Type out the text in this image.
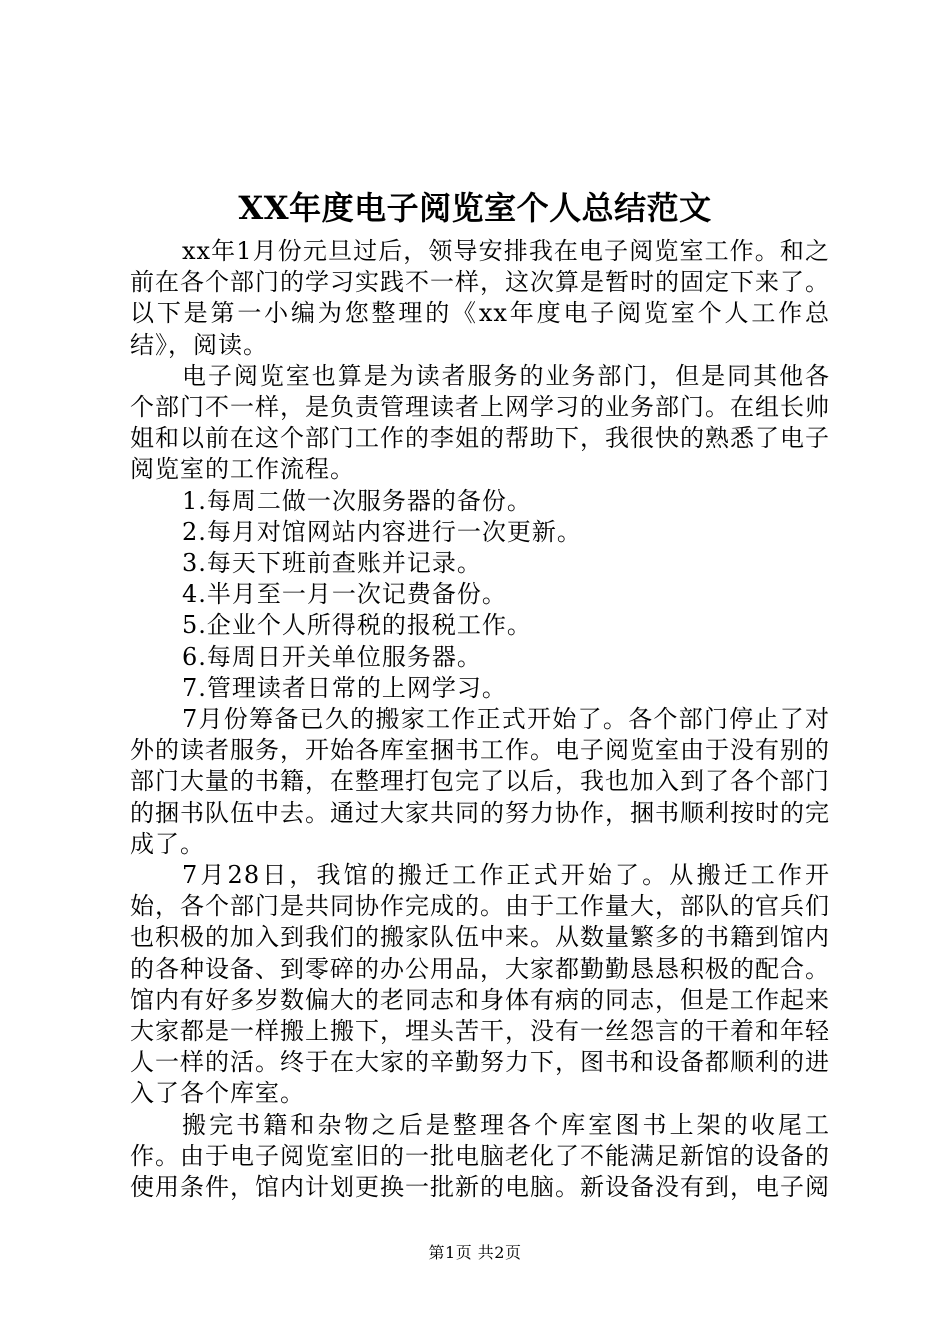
XX年度电子阅览室个人总结范文

xx年1月份元旦过后，领导安排我在电子阅览室工作。和之前在各个部门的学习实践不一样，这次算是暂时的固定下来了。以下是第一小编为您整理的《xx年度电子阅览室个人工作总结》，阅读。

电子阅览室也算是为读者服务的业务部门，但是同其他各个部门不一样，是负责管理读者上网学习的业务部门。在组长帅姐和以前在这个部门工作的李姐的帮助下，我很快的熟悉了电子阅览室的工作流程。

1.每周二做一次服务器的备份。

2.每月对馆网站内容进行一次更新。

3.每天下班前查账并记录。

4.半月至一月一次记费备份。

5.企业个人所得税的报税工作。

6.每周日开关单位服务器。

7.管理读者日常的上网学习。

7月份筹备已久的搬家工作正式开始了。各个部门停止了对外的读者服务，开始各库室捆书工作。电子阅览室由于没有别的部门大量的书籍，在整理打包完了以后，我也加入到了各个部门的捆书队伍中去。通过大家共同的努力协作，捆书顺利按时的完成了。

7月28日，我馆的搬迁工作正式开始了。从搬迁工作开始，各个部门是共同协作完成的。由于工作量大，部队的官兵们也积极的加入到我们的搬家队伍中来。从数量繁多的书籍到馆内的各种设备、到零碎的办公用品，大家都勤勤恳恳积极的配合。馆内有好多岁数偏大的老同志和身体有病的同志，但是工作起来大家都是一样搬上搬下，埋头苦干，没有一丝怨言的干着和年轻人一样的活。终于在大家的辛勤努力下，图书和设备都顺利的进入了各个库室。

搬完书籍和杂物之后是整理各个库室图书上架的收尾工作。由于电子阅览室旧的一批电脑老化了不能满足新馆的设备的使用条件，馆内计划更换一批新的电脑。新设备没有到，电子阅

第1页 共2页
